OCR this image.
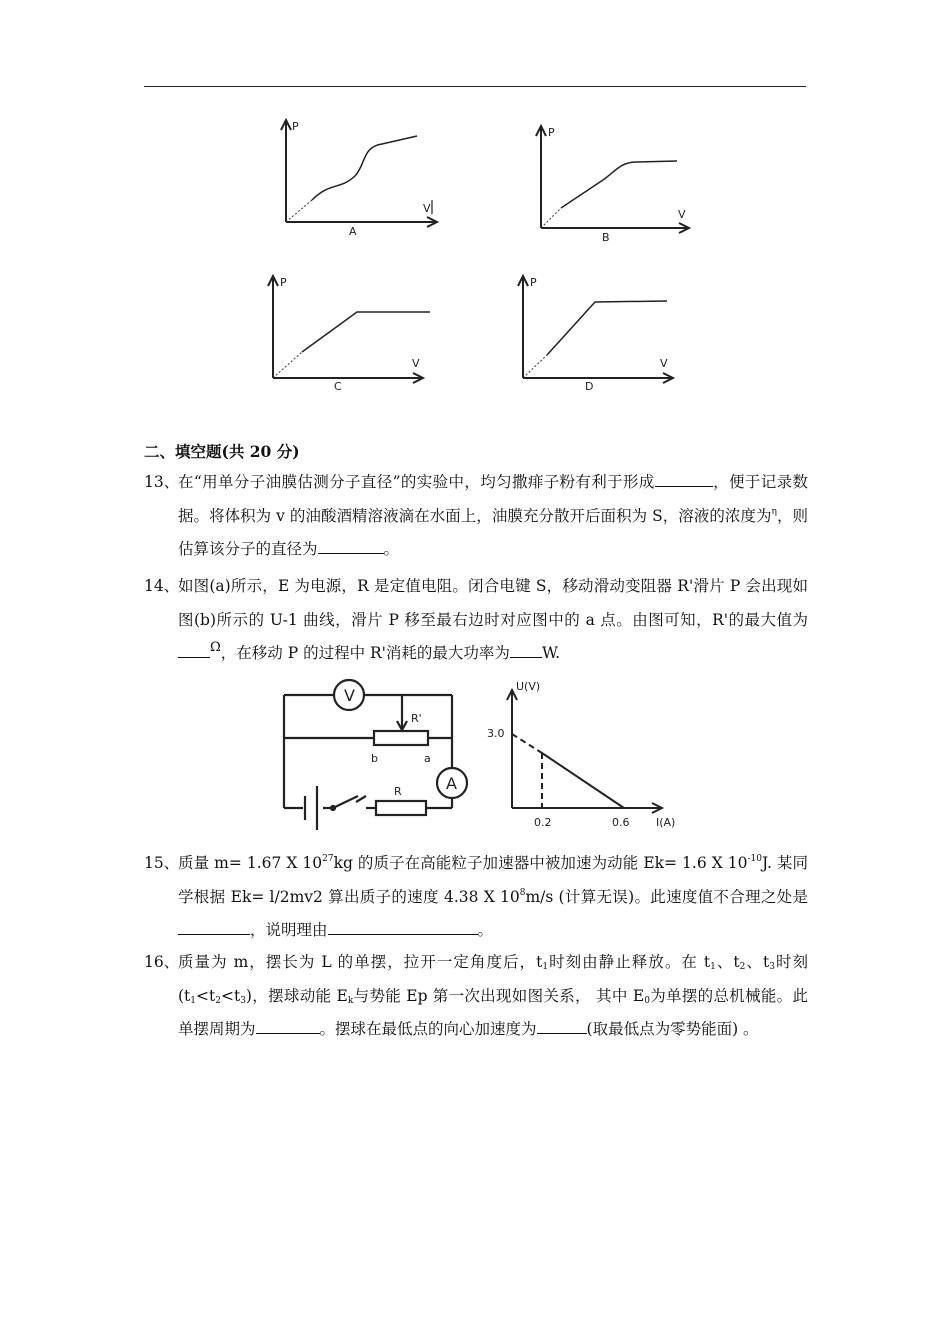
P
V
A
P
V
B
P
V
C
P
V
D
二、填空题(共 20 分)
13、
在“用单分子油膜估测分子直径”的实验中，均匀撒痱子粉有利于形成	，便于记录数据。将体积为 v 的油酸酒精溶液滴在水面上，油膜充分散开后面积为 S，溶液的浓度为$^\eta$，则估算该分子的直径为	。
14、
如图(a)所示，E 为电源，R 是定值电阻。闭合电键 S，移动滑动变阻器 R'滑片 P 会出现如图(b)所示的 U-1 曲线，滑片 P 移至最右边时对应图中的 a 点。由图可知，R'的最大值为$^\Omega$，在移动 P 的过程中 R'消耗的最大功率为 W.
V
A
R'
R
b	a
U(V)
I(A)
3.0
0.2	0.6
15、
质量 m= 1.67 X $10^{27}kg$ 的质子在高能粒子加速器中被加速为动能 Ek= 1.6 X $10^{-10}J$. 某同学根据 Ek= l/2mv2 算出质子的速度 4.38 X $10^8m/s$ (计算无误)。此速度值不合理之处是，说明理由	。
16、
质量为 m，摆长为 L 的单摆，拉开一定角度后，$t_1$时刻由静止释放。在 $t_1$、$t_2$、$t_3$时刻$(t_1<t_2<t_3)$，摆球动能 $E_k$与势能 Ep 第一次出现如图关系， 其中 $E_0$为单摆的总机械能。此单摆周期为	。摆球在最低点的向心加速度为	(取最低点为零势能面) 。
